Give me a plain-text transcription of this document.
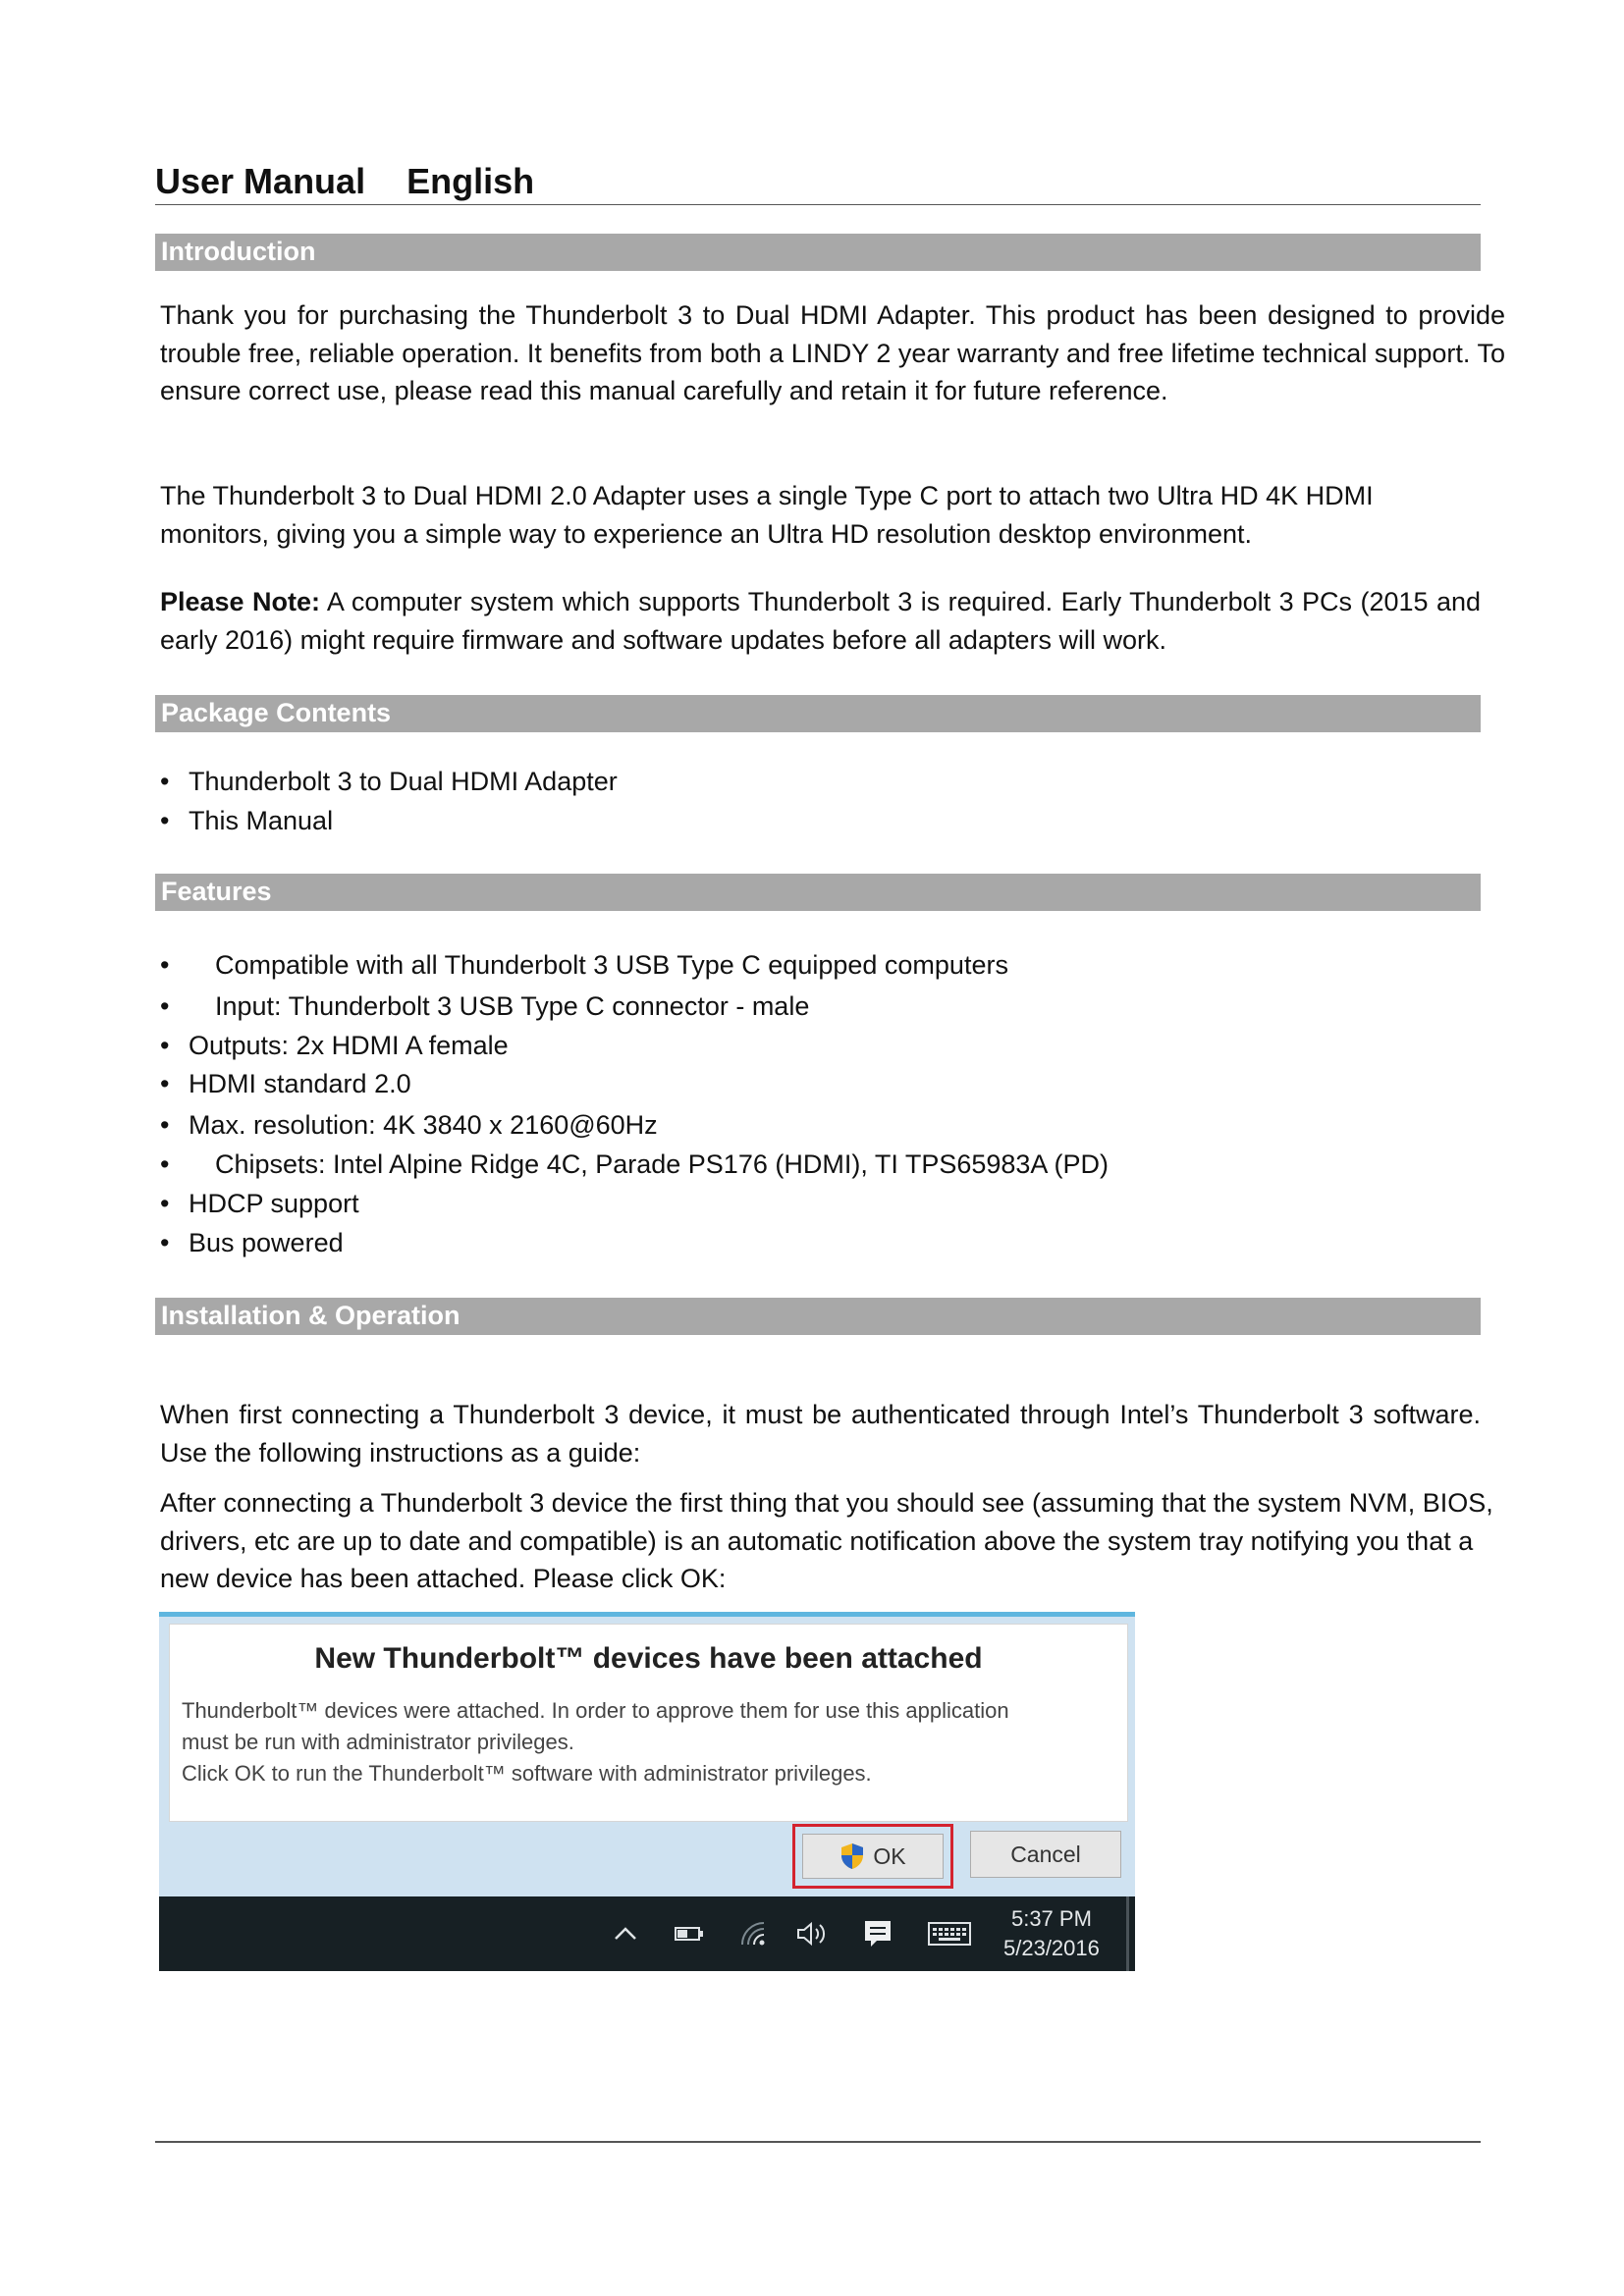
User Manual English
Introduction
Thank you for purchasing the Thunderbolt 3 to Dual HDMI Adapter. This product has been designed to provide trouble free, reliable operation. It benefits from both a LINDY 2 year warranty and free lifetime technical support. To ensure correct use, please read this manual carefully and retain it for future reference.
The Thunderbolt 3 to Dual HDMI 2.0 Adapter uses a single Type C port to attach two Ultra HD 4K HDMI monitors, giving you a simple way to experience an Ultra HD resolution desktop environment.
Please Note: A computer system which supports Thunderbolt 3 is required. Early Thunderbolt 3 PCs (2015 and early 2016) might require firmware and software updates before all adapters will work.
Package Contents
• Thunderbolt 3 to Dual HDMI Adapter
• This Manual
Features
• Compatible with all Thunderbolt 3 USB Type C equipped computers
• Input: Thunderbolt 3 USB Type C connector - male
• Outputs: 2x HDMI A female
• HDMI standard 2.0
• Max. resolution: 4K 3840 x 2160@60Hz
• Chipsets: Intel Alpine Ridge 4C, Parade PS176 (HDMI), TI TPS65983A (PD)
• HDCP support
• Bus powered
Installation & Operation
When first connecting a Thunderbolt 3 device, it must be authenticated through Intel’s Thunderbolt 3 software. Use the following instructions as a guide:
After connecting a Thunderbolt 3 device the first thing that you should see (assuming that the system NVM, BIOS, drivers, etc are up to date and compatible) is an automatic notification above the system tray notifying you that a new device has been attached. Please click OK:
New Thunderbolt™ devices have been attached
Thunderbolt™ devices were attached. In order to approve them for use this application
must be run with administrator privileges.
Click OK to run the Thunderbolt™ software with administrator privileges.
OK	Cancel
5:37 PM
5/23/2016
